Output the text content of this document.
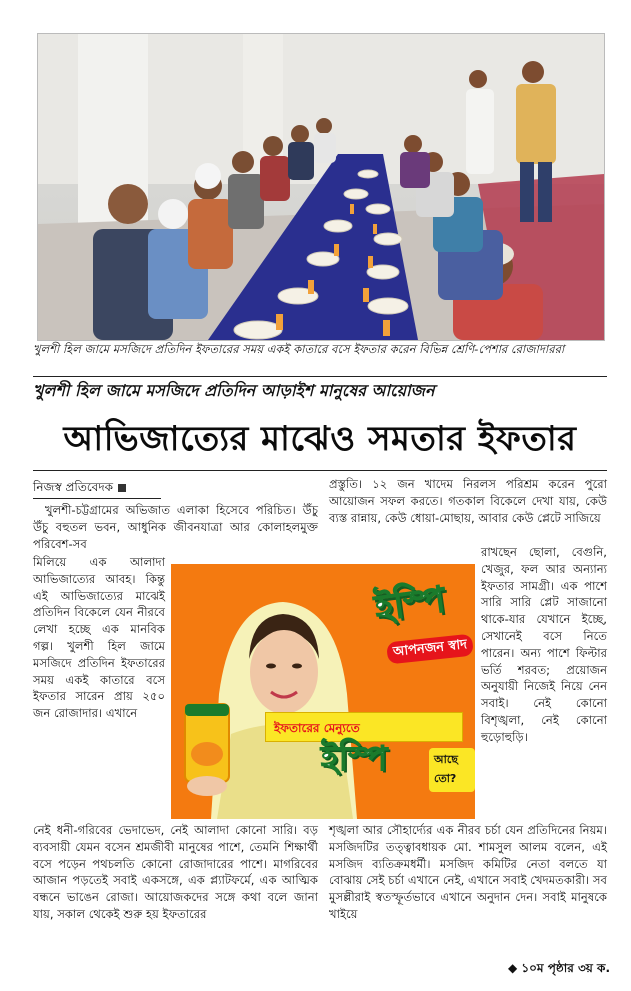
খুলশী হিল জামে মসজিদে প্রতিদিন ইফতারের সময় একই কাতারে বসে ইফতার করেন বিভিন্ন শ্রেণি-পেশার রোজাদাররা
খুলশী হিল জামে মসজিদে প্রতিদিন আড়াইশ মানুষের আয়োজন
আভিজাত্যের মাঝেও সমতার ইফতার
নিজস্ব প্রতিবেদক
খুলশী-চট্টগ্রামের অভিজাত এলাকা হিসেবে পরিচিত। উঁচু উঁচু বহুতল ভবন, আধুনিক জীবনযাত্রা আর কোলাহলমুক্ত পরিবেশ-সব
মিলিয়ে এক আলাদা আভিজাত্যের আবহ। কিন্তু এই আভিজাত্যের মাঝেই প্রতিদিন বিকেলে যেন নীরবে লেখা হচ্ছে এক মানবিক গল্প। খুলশী হিল জামে মসজিদে প্রতিদিন ইফতারের সময় একই কাতারে বসে ইফতার সারেন প্রায় ২৫০ জন রোজাদার। এখানে
নেই ধনী-গরিবের ভেদাভেদ, নেই আলাদা কোনো সারি। বড় ব্যবসায়ী যেমন বসেন শ্রমজীবী মানুষের পাশে, তেমনি শিক্ষার্থী বসে পড়েন পথচলতি কোনো রোজাদারের পাশে। মাগরিবের আজান পড়তেই সবাই একসঙ্গে, এক প্ল্যাটফর্মে, এক আত্মিক বন্ধনে ভাঙেন রোজা। আয়োজকদের সঙ্গে কথা বলে জানা যায়, সকাল থেকেই শুরু হয় ইফতারের
প্রস্তুতি। ১২ জন খাদেম নিরলস পরিশ্রম করেন পুরো আয়োজন সফল করতে। গতকাল বিকেলে দেখা যায়, কেউ ব্যস্ত রান্নায়, কেউ ধোয়া-মোছায়, আবার কেউ প্লেটে সাজিয়ে
রাখছেন ছোলা, বেগুনি, খেজুর, ফল আর অন্যান্য ইফতার সামগ্রী। এক পাশে সারি সারি প্লেট সাজানো থাকে-যার যেখানে ইচ্ছে, সেখানেই বসে নিতে পারেন। অন্য পাশে ফিল্টার ভর্তি শরবত; প্রয়োজন অনুযায়ী নিজেই নিয়ে নেন সবাই। নেই কোনো বিশৃঙ্খলা, নেই কোনো হুড়োহুড়ি।
শৃঙ্খলা আর সৌহার্দ্যের এক নীরব চর্চা যেন প্রতিদিনের নিয়ম। মসজিদটির তত্ত্বাবধায়ক মো. শামসুল আলম বলেন, এই মসজিদ ব্যতিক্রমধর্মী। মসজিদ কমিটির নেতা বলতে যা বোঝায় সেই চর্চা এখানে নেই, এখানে সবাই খেদমতকারী। সব মুসল্লীরাই স্বতস্ফূর্তভাবে এখানে অনুদান দেন। সবাই মানুষকে খাইয়ে
ইস্পি
আপনজন স্বাদ
ইফতারের মেন্যুতে
ইস্পি	আছে তো?
◆ ১০ম পৃষ্ঠার ৩য় ক.
